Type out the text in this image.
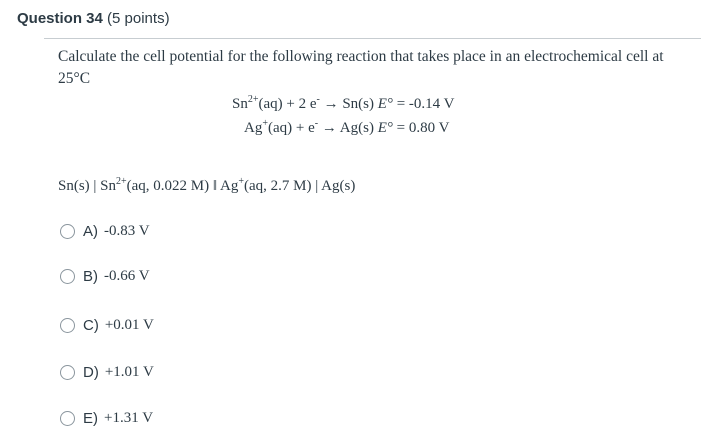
Question 34 (5 points)
Calculate the cell potential for the following reaction that takes place in an electrochemical cell at 25°C
$Sn^{2+}(aq) + 2$ e- → Sn(s) E° = -0.14 V
Ag+(aq) + e- → Ag(s) E° = 0.80 V
Sn(s) | $Sn^{2+}(aq$, 0.022 M) ‖ Ag+(aq, 2.7 M) | Ag(s)
A) -0.83 V
B) -0.66 V
C) +0.01 V
D) +1.01 V
E) +1.31 V
